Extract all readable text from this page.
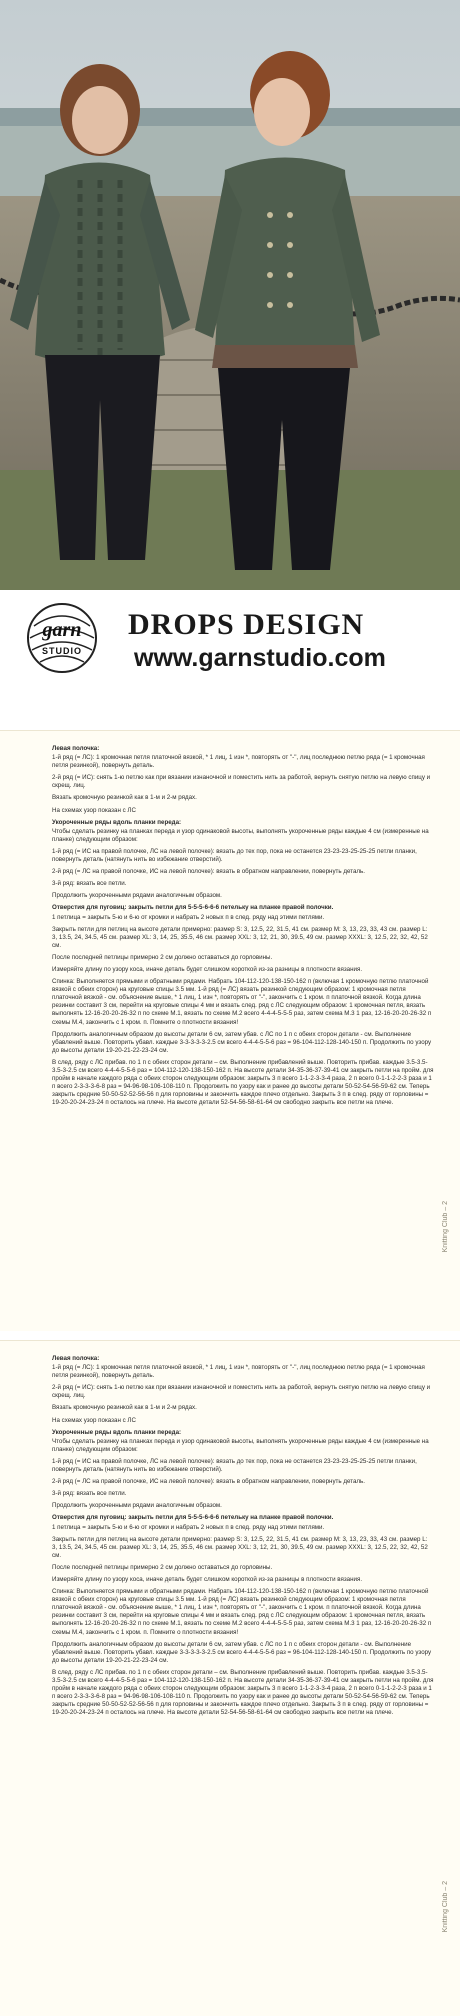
garn
STUDIO
DROPS DESIGN
www.garnstudio.com

Левая полочка:

1-й ряд (= ЛС): 1 кромочная петля платочной вязкой, * 1 лиц, 1 изн *, повторять от "-", лиц последнюю петлю ряда (= 1 кромочная петля резинкой), повернуть деталь.

2-й ряд (= ИС): снять 1-ю петлю как при вязании изнаночной и поместить нить за работой, вернуть снятую петлю на левую спицу и скрещ. лиц.

Вязать кромочную резинкой как в 1-м и 2-м рядах.

На схемах узор показан с ЛС

Укороченные ряды вдоль планки переда:

Чтобы сделать резинку на планках переда и узор одинаковой высоты, выполнять укороченные ряды каждые 4 см (измеренные на планке) следующим образом:

1-й ряд (= ИС на правой полочке, ЛС на левой полочке): вязать до тех пор, пока не останется 23-23-23-25-25-25 петли планки, повернуть деталь (натянуть нить во избежание отверстий).

2-й ряд (= ЛС на правой полочке, ИС на левой полочке): вязать в обратном направлении, повернуть деталь.

3-й ряд: вязать все петли.

Продолжить укороченными рядами аналогичным образом.

Отверстия для пуговиц: закрыть петли для 5-5-5-6-6-6 петельку на планке правой полочки.

1 петлица = закрыть 5-ю и 6-ю от кромки и набрать 2 новых п в след. ряду над этими петлями.

Закрыть петли для петлиц на высоте детали примерно: размер S: 3, 12.5, 22, 31.5, 41 см. размер M: 3, 13, 23, 33, 43 см. размер L: 3, 13.5, 24, 34.5, 45 см. размер XL: 3, 14, 25, 35.5, 46 см. размер XXL: 3, 12, 21, 30, 39.5, 49 см. размер XXXL: 3, 12.5, 22, 32, 42, 52 см.

После последней петлицы примерно 2 см должно оставаться до горловины.

Измеряйте длину по узору коса, иначе деталь будет слишком короткой из-за разницы в плотности вязания.

Спинка: Выполняется прямыми и обратными рядами. Набрать 104-112-120-138-150-162 п (включая 1 кромочную петлю платочной вязкой с обеих сторон) на круговые спицы 3.5 мм. 1-й ряд (= ЛС) вязать резинкой следующим образом: 1 кромочная петля платочной вязкой - см. объяснение выше, * 1 лиц, 1 изн *, повторять от "-", закончить с 1 кром. п платочной вязкой. Когда длина резинки составит 3 см, перейти на круговые спицы 4 мм и вязать след. ряд с ЛС следующим образом: 1 кромочная петля, вязать выполнять 12-16-20-20-26-32 п по схеме M.1, вязать по схеме M.2 всего 4-4-4-5-5-5 раз, затем схема M.3 1 раз, 12-16-20-20-26-32 п схемы M.4, закончить с 1 кром. п. Помните о плотности вязания!

Продолжить аналогичным образом до высоты детали 6 см, затем убав. с ЛС по 1 п с обеих сторон детали - см. Выполнение убавлений выше. Повторить убавл. каждые 3-3-3-3-3-2.5 см всего 4-4-4-5-5-6 раз = 96-104-112-128-140-150 п. Продолжить по узору до высоты детали 19-20-21-22-23-24 см.

В след. ряду с ЛС прибав. по 1 п с обеих сторон детали – см. Выполнение прибавлений выше. Повторить прибав. каждые 3.5-3.5-3.5-3-2.5 см всего 4-4-4-5-5-6 раз = 104-112-120-138-150-162 п. На высоте детали 34-35-36-37-39-41 см закрыть петли на пройм. для пройм в начале каждого ряда с обеих сторон следующим образом: закрыть 3 п всего 1-1-2-3-3-4 раза, 2 п всего 0-1-1-2-2-3 раза и 1 п всего 2-3-3-3-6-8 раз = 94-96-98-106-108-110 п. Продолжить по узору как и ранее до высоты детали 50-52-54-56-59-62 см. Теперь закрыть средние 50-50-52-52-56-56 п для горловины и закончить каждое плечо отдельно. Закрыть 3 п в след. ряду от горловины = 19-20-20-24-23-24 п осталось на плече. На высоте детали 52-54-56-58-61-64 см свободно закрыть все петли на плече.

Knitting Club – 2

Левая полочка:

1-й ряд (= ЛС): 1 кромочная петля платочной вязкой, * 1 лиц, 1 изн *, повторять от "-", лиц последнюю петлю ряда (= 1 кромочная петля резинкой), повернуть деталь.

2-й ряд (= ИС): снять 1-ю петлю как при вязании изнаночной и поместить нить за работой, вернуть снятую петлю на левую спицу и скрещ. лиц.

Вязать кромочную резинкой как в 1-м и 2-м рядах.

На схемах узор показан с ЛС

Укороченные ряды вдоль планки переда:

Чтобы сделать резинку на планках переда и узор одинаковой высоты, выполнять укороченные ряды каждые 4 см (измеренные на планке) следующим образом:

1-й ряд (= ИС на правой полочке, ЛС на левой полочке): вязать до тех пор, пока не останется 23-23-23-25-25-25 петли планки, повернуть деталь (натянуть нить во избежание отверстий).

2-й ряд (= ЛС на правой полочке, ИС на левой полочке): вязать в обратном направлении, повернуть деталь.

3-й ряд: вязать все петли.

Продолжить укороченными рядами аналогичным образом.

Отверстия для пуговиц: закрыть петли для 5-5-5-6-6-6 петельку на планке правой полочки.

1 петлица = закрыть 5-ю и 6-ю от кромки и набрать 2 новых п в след. ряду над этими петлями.

Закрыть петли для петлиц на высоте детали примерно: размер S: 3, 12.5, 22, 31.5, 41 см. размер M: 3, 13, 23, 33, 43 см. размер L: 3, 13.5, 24, 34.5, 45 см. размер XL: 3, 14, 25, 35.5, 46 см. размер XXL: 3, 12, 21, 30, 39.5, 49 см. размер XXXL: 3, 12.5, 22, 32, 42, 52 см.

После последней петлицы примерно 2 см должно оставаться до горловины.

Измеряйте длину по узору коса, иначе деталь будет слишком короткой из-за разницы в плотности вязания.

Спинка: Выполняется прямыми и обратными рядами. Набрать 104-112-120-138-150-162 п (включая 1 кромочную петлю платочной вязкой с обеих сторон) на круговые спицы 3.5 мм. 1-й ряд (= ЛС) вязать резинкой следующим образом: 1 кромочная петля платочной вязкой - см. объяснение выше, * 1 лиц, 1 изн *, повторять от "-", закончить с 1 кром. п платочной вязкой. Когда длина резинки составит 3 см, перейти на круговые спицы 4 мм и вязать след. ряд с ЛС следующим образом: 1 кромочная петля, вязать выполнять 12-16-20-20-26-32 п по схеме M.1, вязать по схеме M.2 всего 4-4-4-5-5-5 раз, затем схема M.3 1 раз, 12-16-20-20-26-32 п схемы M.4, закончить с 1 кром. п. Помните о плотности вязания!

Продолжить аналогичным образом до высоты детали 6 см, затем убав. с ЛС по 1 п с обеих сторон детали - см. Выполнение убавлений выше. Повторить убавл. каждые 3-3-3-3-3-2.5 см всего 4-4-4-5-5-6 раз = 96-104-112-128-140-150 п. Продолжить по узору до высоты детали 19-20-21-22-23-24 см.

В след. ряду с ЛС прибав. по 1 п с обеих сторон детали – см. Выполнение прибавлений выше. Повторить прибав. каждые 3.5-3.5-3.5-3-2.5 см всего 4-4-4-5-5-6 раз = 104-112-120-138-150-162 п. На высоте детали 34-35-36-37-39-41 см закрыть петли на пройм. для пройм в начале каждого ряда с обеих сторон следующим образом: закрыть 3 п всего 1-1-2-3-3-4 раза, 2 п всего 0-1-1-2-2-3 раза и 1 п всего 2-3-3-3-6-8 раз = 94-96-98-106-108-110 п. Продолжить по узору как и ранее до высоты детали 50-52-54-56-59-62 см. Теперь закрыть средние 50-50-52-52-56-56 п для горловины и закончить каждое плечо отдельно. Закрыть 3 п в след. ряду от горловины = 19-20-20-24-23-24 п осталось на плече. На высоте детали 52-54-56-58-61-64 см свободно закрыть все петли на плече.

Knitting Club – 2
